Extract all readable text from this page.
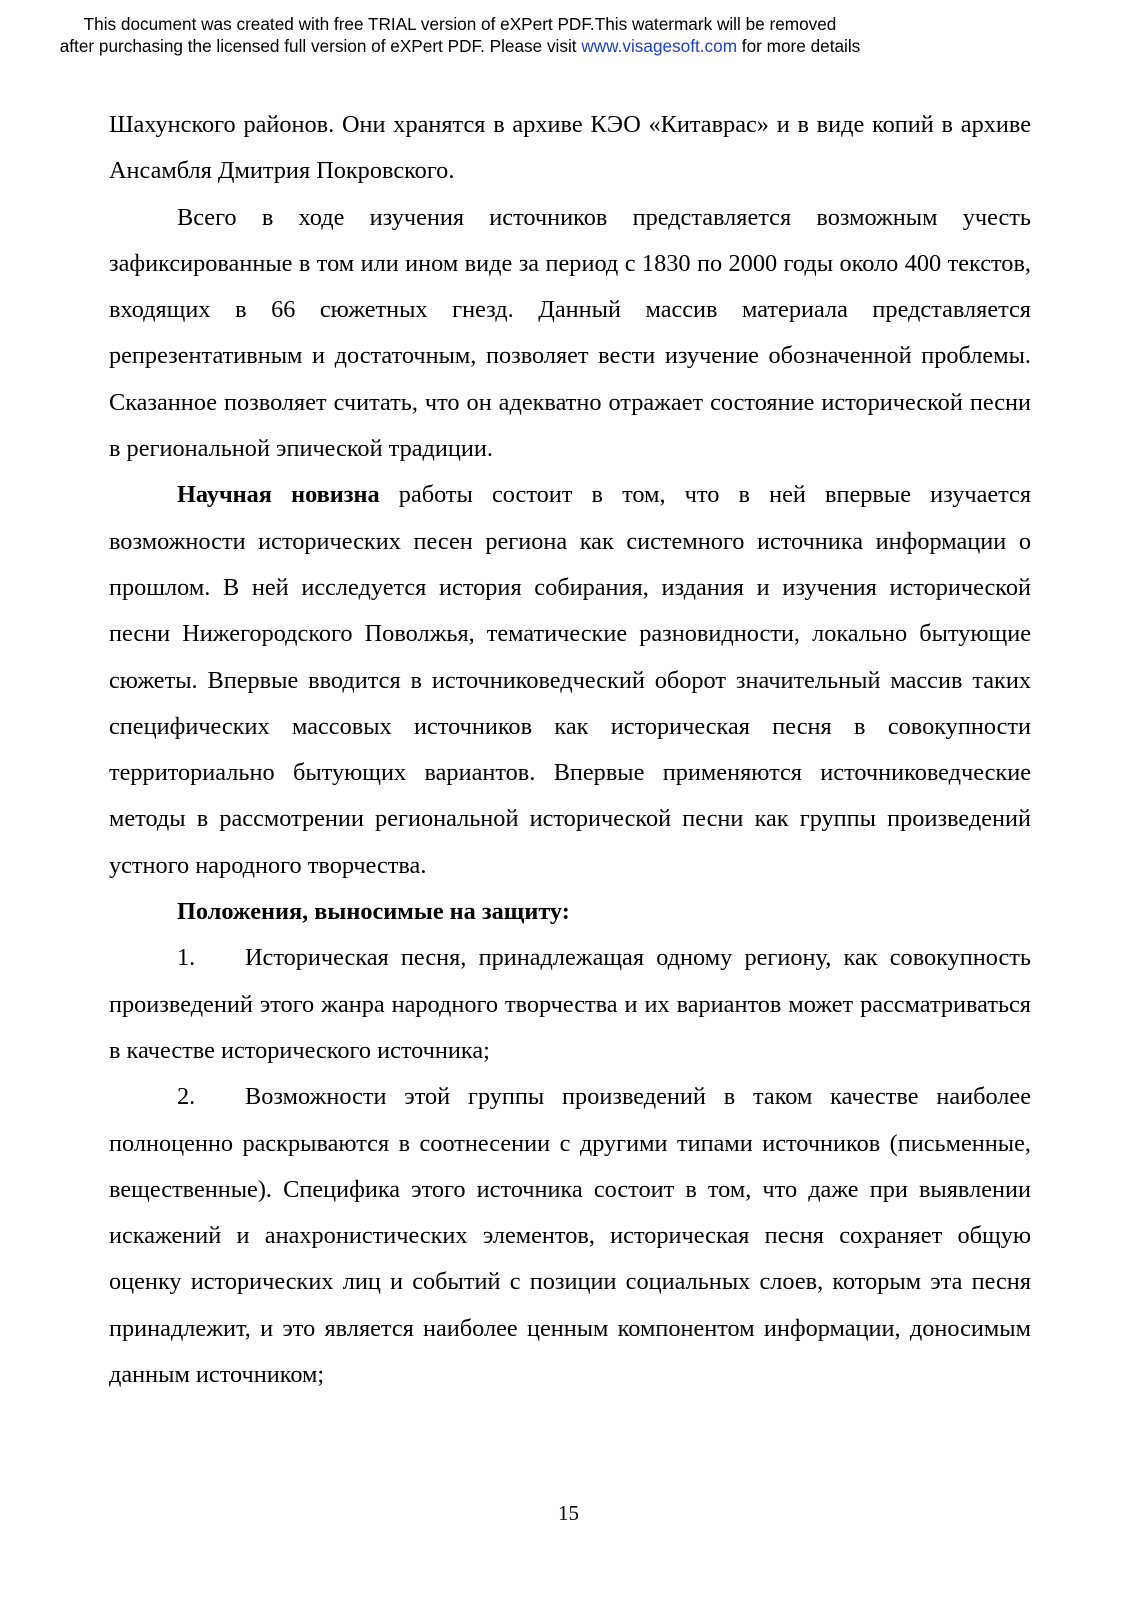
This document was created with free TRIAL version of eXPert PDF.This watermark will be removed
after purchasing the licensed full version of eXPert PDF. Please visit www.visagesoft.com for more details

Шахунского районов. Они хранятся в архиве КЭО «Китаврас» и в виде копий в архиве Ансамбля Дмитрия Покровского.

Всего в ходе изучения источников представляется возможным учесть зафиксированные в том или ином виде за период с 1830 по 2000 годы около 400 текстов, входящих в 66 сюжетных гнезд. Данный массив материала представляется репрезентативным и достаточным, позволяет вести изучение обозначенной проблемы. Сказанное позволяет считать, что он адекватно отражает состояние исторической песни в региональной эпической традиции.

Научная новизна работы состоит в том, что в ней впервые изучается возможности исторических песен региона как системного источника информации о прошлом. В ней исследуется история собирания, издания и изучения исторической песни Нижегородского Поволжья, тематические разновидности, локально бытующие сюжеты. Впервые вводится в источниковедческий оборот значительный массив таких специфических массовых источников как историческая песня в совокупности территориально бытующих вариантов. Впервые применяются источниковедческие методы в рассмотрении региональной исторической песни как группы произведений устного народного творчества.

Положения, выносимые на защиту:

1. Историческая песня, принадлежащая одному региону, как совокупность произведений этого жанра народного творчества и их вариантов может рассматриваться в качестве исторического источника;

2. Возможности этой группы произведений в таком качестве наиболее полноценно раскрываются в соотнесении с другими типами источников (письменные, вещественные). Специфика этого источника состоит в том, что даже при выявлении искажений и анахронистических элементов, историческая песня сохраняет общую оценку исторических лиц и событий с позиции социальных слоев, которым эта песня принадлежит, и это является наиболее ценным компонентом информации, доносимым данным источником;

15
